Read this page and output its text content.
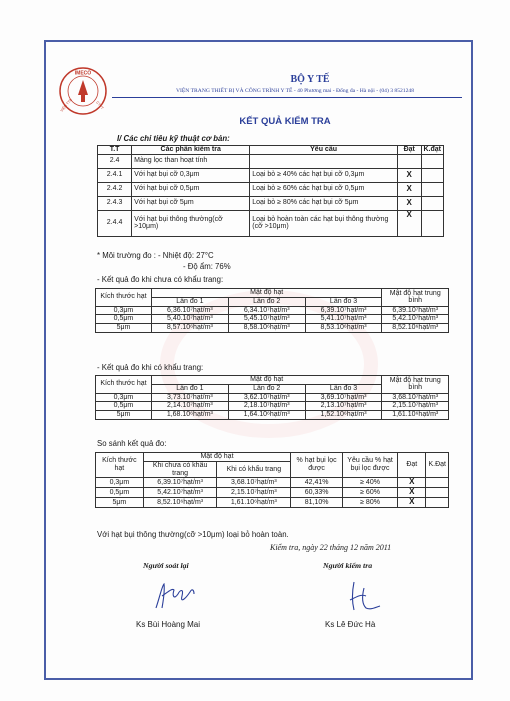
IMECO
VIỆN TTB	CTYT
BỘ Y TẾ
VIỆN TRANG THIẾT BỊ VÀ CÔNG TRÌNH Y TẾ - 40 Phương mai - Đống đa - Hà nội - (04) 3 8521248
KẾT QUẢ KIỂM TRA
I/ Các chỉ tiêu kỹ thuật cơ bản:
T.T	Các phần kiểm tra	Yêu cầu	Đạt	K.đạt
2.4	Màng lọc than hoạt tính			
2.4.1	Với hạt bụi cỡ 0,3μm	Loại bỏ ≥ 40% các hạt bụi cỡ 0,3μm	X	
2.4.2	Với hạt bụi cỡ 0,5μm	Loại bỏ ≥ 60% các hạt bụi cỡ 0,5μm	X	
2.4.3	Với hạt bụi cỡ 5μm	Loại bỏ ≥ 80% các hạt bụi cỡ 5μm	X	
2.4.4	Với hạt bụi thông thường(cỡ >10μm)	Loại bỏ hoàn toàn các hạt bụi thông thường (cỡ >10μm)	X	
* Môi trường đo : - Nhiệt độ: 27°C
- Độ ẩm: 76%
- Kết quả đo khi chưa có khẩu trang:
Kích thước hạt	Mật độ hạt			Mật độ hạt trung bình
	Lần đo 1	Lần đo 2	Lần đo 3	
0,3μm	6,36.10⁷hạt/m³	6,34.10⁷hạt/m³	6,39.10⁷hạt/m³	6,39.10⁷hạt/m³
0,5μm	5,40.10⁷hạt/m³	5,45.10⁷hạt/m³	5,41.10⁷hạt/m³	5,42.10⁷hạt/m³
5μm	8,57.10⁶hạt/m³	8,58.10⁶hạt/m³	8,53.10⁶hạt/m³	8,52.10⁶hạt/m³
- Kết quả đo khi có khẩu trang:
Kích thước hạt	Mật độ hạt			Mật độ hạt trung bình
	Lần đo 1	Lần đo 2	Lần đo 3	
0,3μm	3,73.10⁷hạt/m³	3,62.10⁷hạt/m³	3,69.10⁷hạt/m³	3,68.10⁷hạt/m³
0,5μm	2,14.10⁷hạt/m³	2,18.10⁷hạt/m³	2,13.10⁷hạt/m³	2,15.10⁷hạt/m³
5μm	1,68.10⁶hạt/m³	1,64.10⁶hạt/m³	1,52.10⁶hạt/m³	1,61.10⁶hạt/m³
So sánh kết quả đo:
Kích thước hạt	Mật độ hạt		% hạt bụi lọc được	Yêu cầu % hạt bụi lọc được	Đạt	K.Đạt
	Khi chưa có khẩu trang	Khi có khẩu trang				
0,3μm	6,39.10⁷hạt/m³	3,68.10⁷hạt/m³	42,41%	≥ 40%	X	
0,5μm	5,42.10⁷hạt/m³	2,15.10⁷hạt/m³	60,33%	≥ 60%	X	
5μm	8,52.10⁶hạt/m³	1,61.10⁶hạt/m³	81,10%	≥ 80%	X	
Với hạt bụi thông thường(cỡ >10μm) loại bỏ hoàn toàn.
Kiểm tra, ngày 22 tháng 12 năm 2011
Người soát lại	Người kiểm tra
Ks Bùi Hoàng Mai	Ks Lê Đức Hà
